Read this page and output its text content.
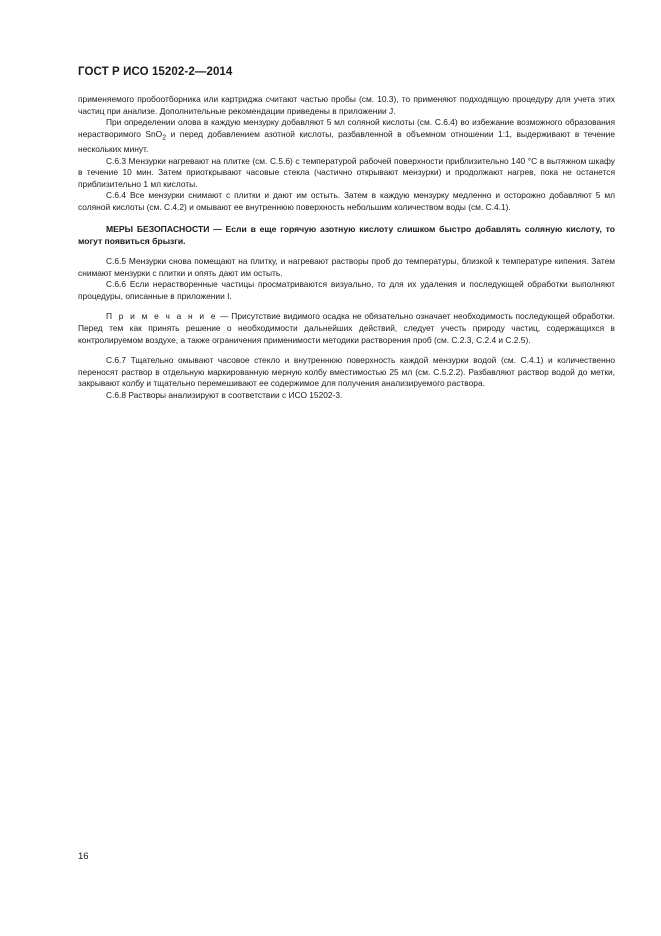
ГОСТ Р ИСО 15202-2—2014

применяемого пробоотборника или картриджа считают частью пробы (см. 10.3), то применяют подходящую процедуру для учета этих частиц при анализе. Дополнительные рекомендации приведены в приложении J.

При определении олова в каждую мензурку добавляют 5 мл соляной кислоты (см. С.6.4) во избежание возможного образования нерастворимого SnO$_2$ и перед добавлением азотной кислоты, разбавленной в объемном отношении 1:1, выдерживают в течение нескольких минут.

С.6.3 Мензурки нагревают на плитке (см. С.5.6) с температурой рабочей поверхности приблизительно 140 °С в вытяжном шкафу в течение 10 мин. Затем приоткрывают часовые стекла (частично открывают мензурки) и продолжают нагрев, пока не останется приблизительно 1 мл кислоты.

С.6.4 Все мензурки снимают с плитки и дают им остыть. Затем в каждую мензурку медленно и осторожно добавляют 5 мл соляной кислоты (см. С.4.2) и омывают ее внутреннюю поверхность небольшим количеством воды (см. С.4.1).

МЕРЫ БЕЗОПАСНОСТИ — Если в еще горячую азотную кислоту слишком быстро добавлять соляную кислоту, то могут появиться брызги.

С.6.5 Мензурки снова помещают на плитку, и нагревают растворы проб до температуры, близкой к температуре кипения. Затем снимают мензурки с плитки и опять дают им остыть.

С.6.6 Если нерастворенные частицы просматриваются визуально, то для их удаления и последующей обработки выполняют процедуры, описанные в приложении I.

П р и м е ч а н и е — Присутствие видимого осадка не обязательно означает необходимость последующей обработки. Перед тем как принять решение о необходимости дальнейших действий, следует учесть природу частиц, содержащихся в контролируемом воздухе, а также ограничения применимости методики растворения проб (см. С.2.3, С.2.4 и С.2.5).

С.6.7 Тщательно омывают часовое стекло и внутреннюю поверхность каждой мензурки водой (см. С.4.1) и количественно переносят раствор в отдельную маркированную мерную колбу вместимостью 25 мл (см. С.5.2.2). Разбавляют раствор водой до метки, закрывают колбу и тщательно перемешивают ее содержимое для получения анализируемого раствора.

С.6.8 Растворы анализируют в соответствии с ИСО 15202-3.

16
